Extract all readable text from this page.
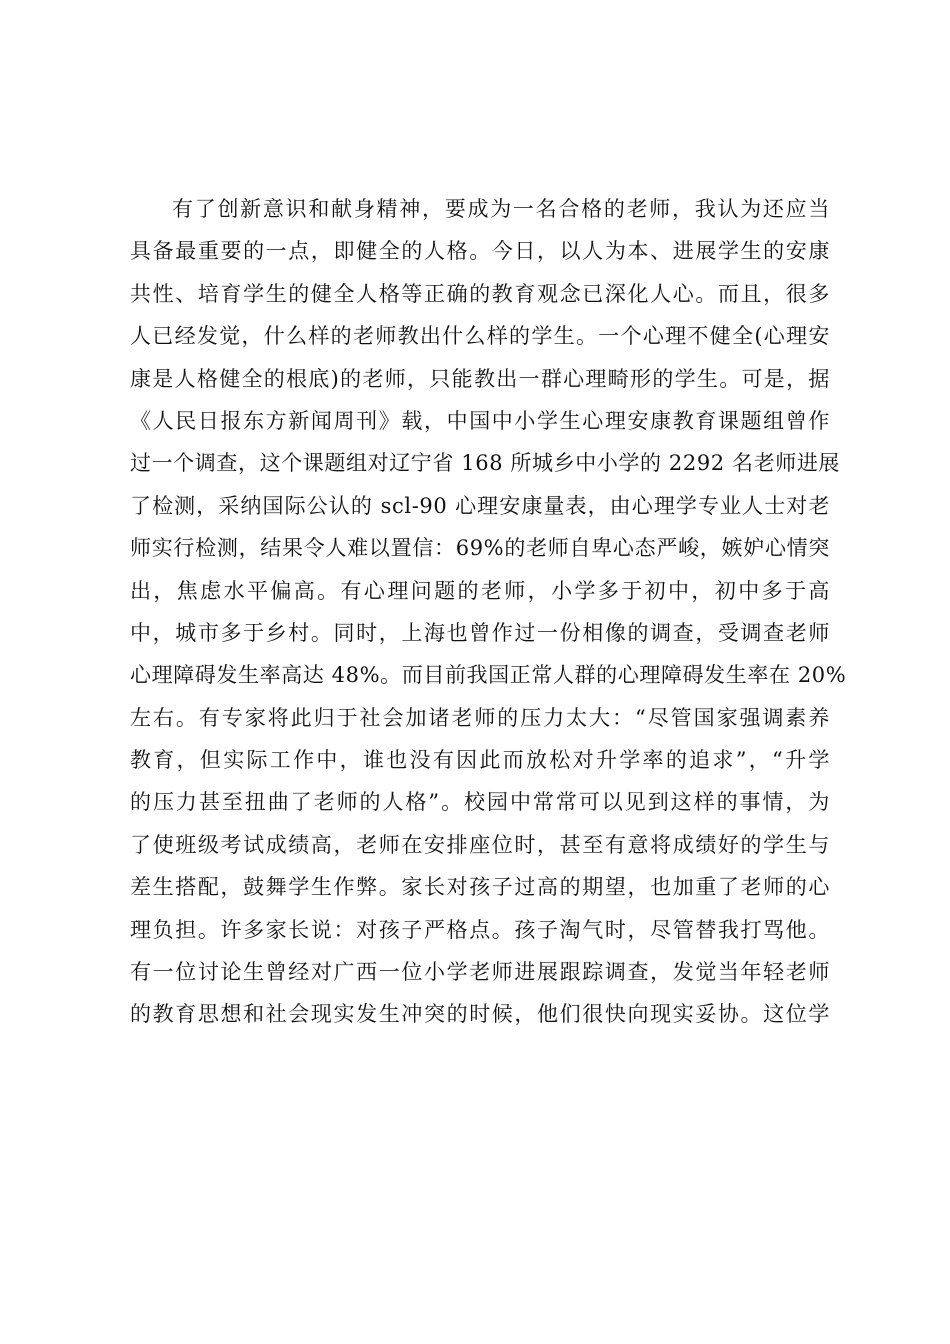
有了创新意识和献身精神，要成为一名合格的老师，我认为还应当
具备最重要的一点，即健全的人格。今日，以人为本、进展学生的安康
共性、培育学生的健全人格等正确的教育观念已深化人心。而且，很多
人已经发觉，什么样的老师教出什么样的学生。一个心理不健全(心理安
康是人格健全的根底)的老师，只能教出一群心理畸形的学生。可是，据
《人民日报东方新闻周刊》载，中国中小学生心理安康教育课题组曾作
过一个调查，这个课题组对辽宁省 168 所城乡中小学的 2292 名老师进展
了检测，采纳国际公认的 scl-90 心理安康量表，由心理学专业人士对老
师实行检测，结果令人难以置信：69%的老师自卑心态严峻，嫉妒心情突
出，焦虑水平偏高。有心理问题的老师，小学多于初中，初中多于高
中，城市多于乡村。同时，上海也曾作过一份相像的调查，受调查老师
心理障碍发生率高达 48%。而目前我国正常人群的心理障碍发生率在 20%
左右。有专家将此归于社会加诸老师的压力太大：“尽管国家强调素养
教育，但实际工作中，谁也没有因此而放松对升学率的追求”，“升学
的压力甚至扭曲了老师的人格”。校园中常常可以见到这样的事情，为
了使班级考试成绩高，老师在安排座位时，甚至有意将成绩好的学生与
差生搭配，鼓舞学生作弊。家长对孩子过高的期望，也加重了老师的心
理负担。许多家长说：对孩子严格点。孩子淘气时，尽管替我打骂他。
有一位讨论生曾经对广西一位小学老师进展跟踪调查，发觉当年轻老师
的教育思想和社会现实发生冲突的时候，他们很快向现实妥协。这位学
